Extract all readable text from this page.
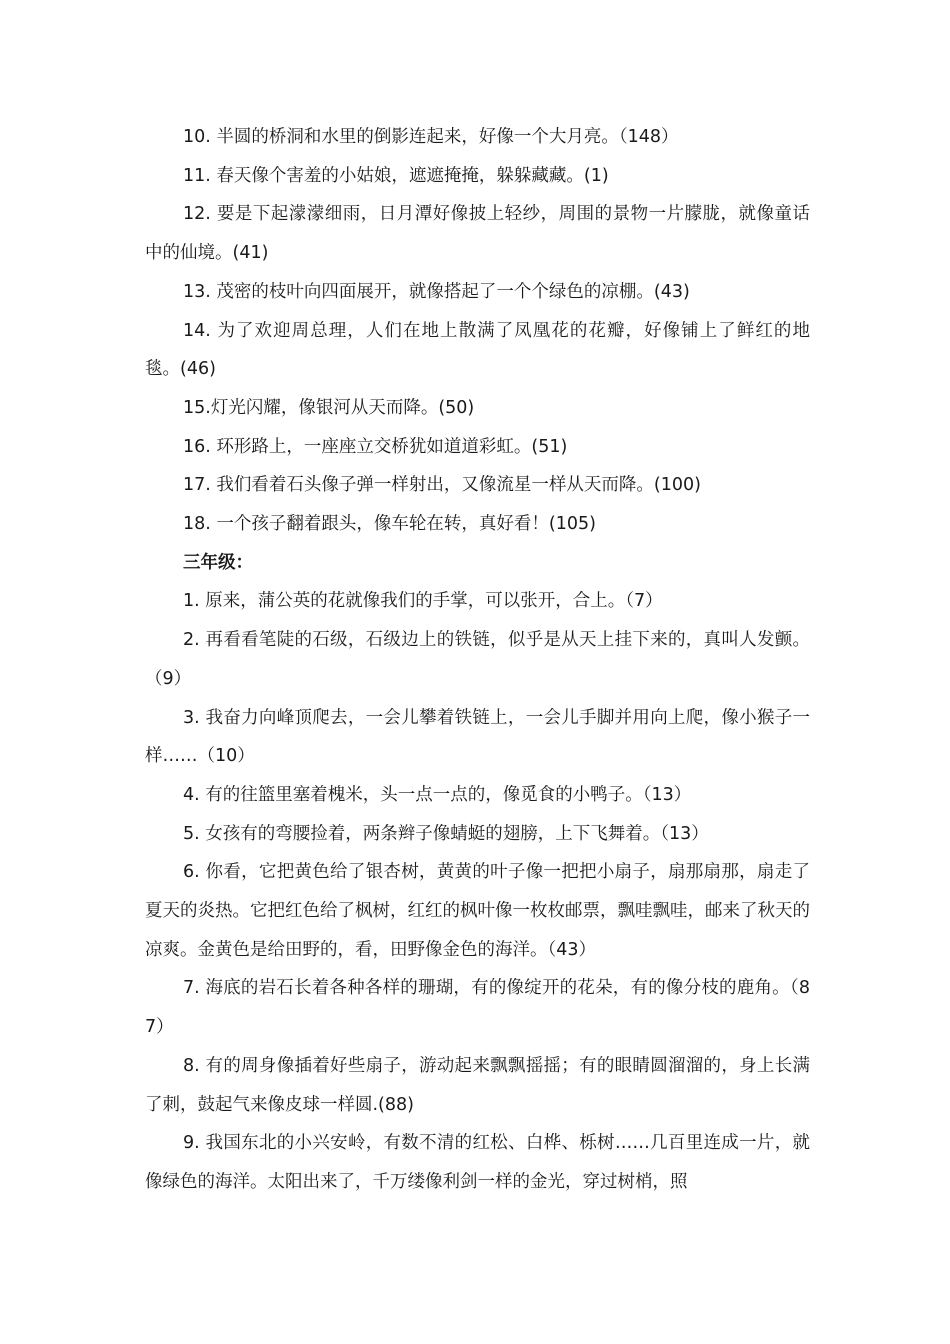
10. 半圆的桥洞和水里的倒影连起来，好像一个大月亮。（148）

11. 春天像个害羞的小姑娘，遮遮掩掩，躲躲藏藏。(1)

12. 要是下起濛濛细雨，日月潭好像披上轻纱，周围的景物一片朦胧，就像童话中的仙境。(41)

13. 茂密的枝叶向四面展开，就像搭起了一个个绿色的凉棚。(43)

14. 为了欢迎周总理，人们在地上散满了凤凰花的花瓣，好像铺上了鲜红的地毯。(46)

15.灯光闪耀，像银河从天而降。(50)

16. 环形路上，一座座立交桥犹如道道彩虹。(51)

17. 我们看着石头像子弹一样射出，又像流星一样从天而降。(100)

18. 一个孩子翻着跟头，像车轮在转，真好看！(105)

三年级：

1. 原来，蒲公英的花就像我们的手掌，可以张开，合上。（7）

2. 再看看笔陡的石级，石级边上的铁链，似乎是从天上挂下来的，真叫人发颤。（9）

3. 我奋力向峰顶爬去，一会儿攀着铁链上，一会儿手脚并用向上爬，像小猴子一样……（10）

4. 有的往篮里塞着槐米，头一点一点的，像觅食的小鸭子。（13）

5. 女孩有的弯腰捡着，两条辫子像蜻蜓的翅膀，上下飞舞着。（13）

6. 你看，它把黄色给了银杏树，黄黄的叶子像一把把小扇子，扇那扇那，扇走了夏天的炎热。它把红色给了枫树，红红的枫叶像一枚枚邮票，飘哇飘哇，邮来了秋天的凉爽。金黄色是给田野的，看，田野像金色的海洋。（43）

7. 海底的岩石长着各种各样的珊瑚，有的像绽开的花朵，有的像分枝的鹿角。（87）

8. 有的周身像插着好些扇子，游动起来飘飘摇摇；有的眼睛圆溜溜的，身上长满了刺，鼓起气来像皮球一样圆.(88)

9. 我国东北的小兴安岭，有数不清的红松、白桦、栎树……几百里连成一片，就像绿色的海洋。太阳出来了，千万缕像利剑一样的金光，穿过树梢，照
